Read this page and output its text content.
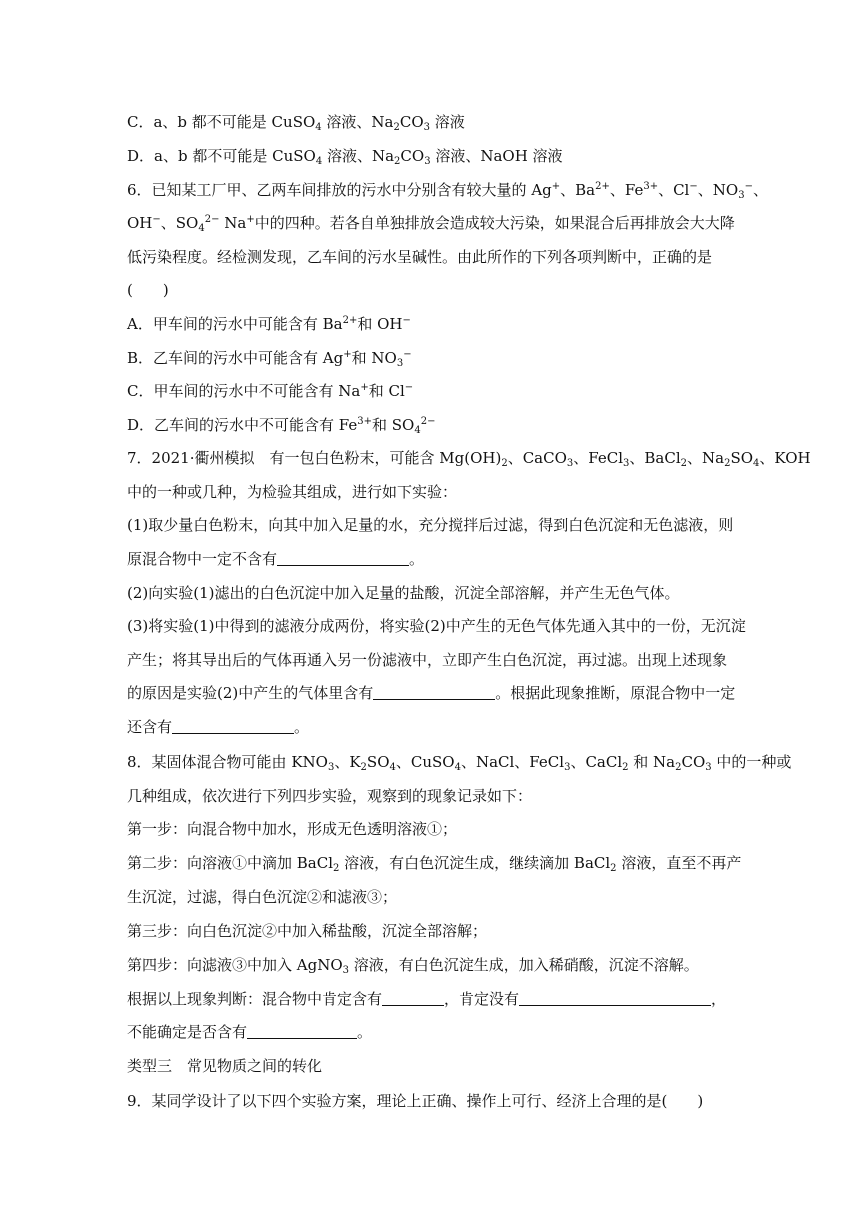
C．a、b 都不可能是 CuSO$_4$ 溶液、$Na_2CO_3$ 溶液
D．a、b 都不可能是 CuSO$_4$ 溶液、$Na_2CO_3$ 溶液、NaOH 溶液
6．已知某工厂甲、乙两车间排放的污水中分别含有较大量的 Ag+、$Ba^{2+}$、$Fe^{3+}$、Cl−、$NO_3^-$、
OH−、$SO_4^{2-}$ Na+中的四种。若各自单独排放会造成较大污染，如果混合后再排放会大大降
低污染程度。经检测发现，乙车间的污水呈碱性。由此所作的下列各项判断中，正确的是
(　　)
A．甲车间的污水中可能含有 $Ba^{2+}$和 OH−
B．乙车间的污水中可能含有 Ag+和 $NO_3^-$
C．甲车间的污水中不可能含有 Na+和 Cl−
D．乙车间的污水中不可能含有 $Fe^{3+}$和 $SO_4^{2-}$
7．2021·衢州模拟　有一包白色粉末，可能含 $Mg(OH)_2$、CaCO$_3$、FeCl$_3$、BaCl$_2$、$Na_2SO_4$、KOH
中的一种或几种，为检验其组成，进行如下实验：
(1)取少量白色粉末，向其中加入足量的水，充分搅拌后过滤，得到白色沉淀和无色滤液，则
原混合物中一定不含有	。
(2)向实验(1)滤出的白色沉淀中加入足量的盐酸，沉淀全部溶解，并产生无色气体。
(3)将实验(1)中得到的滤液分成两份，将实验(2)中产生的无色气体先通入其中的一份，无沉淀
产生；将其导出后的气体再通入另一份滤液中，立即产生白色沉淀，再过滤。出现上述现象
的原因是实验(2)中产生的气体里含有	。根据此现象推断，原混合物中一定
还含有	。
8．某固体混合物可能由 $KNO_3$、$K_2SO_4$、CuSO$_4$、NaCl、FeCl$_3$、CaCl$_2$ 和 $Na_2CO_3$ 中的一种或
几种组成，依次进行下列四步实验，观察到的现象记录如下：
第一步：向混合物中加水，形成无色透明溶液①；
第二步：向溶液①中滴加 BaCl$_2$ 溶液，有白色沉淀生成，继续滴加 BaCl$_2$ 溶液，直至不再产
生沉淀，过滤，得白色沉淀②和滤液③；
第三步：向白色沉淀②中加入稀盐酸，沉淀全部溶解；
第四步：向滤液③中加入 AgNO$_3$ 溶液，有白色沉淀生成，加入稀硝酸，沉淀不溶解。
根据以上现象判断：混合物中肯定含有	，肯定没有	，
不能确定是否含有	。
类型三　常见物质之间的转化
9．某同学设计了以下四个实验方案，理论上正确、操作上可行、经济上合理的是(　　)
